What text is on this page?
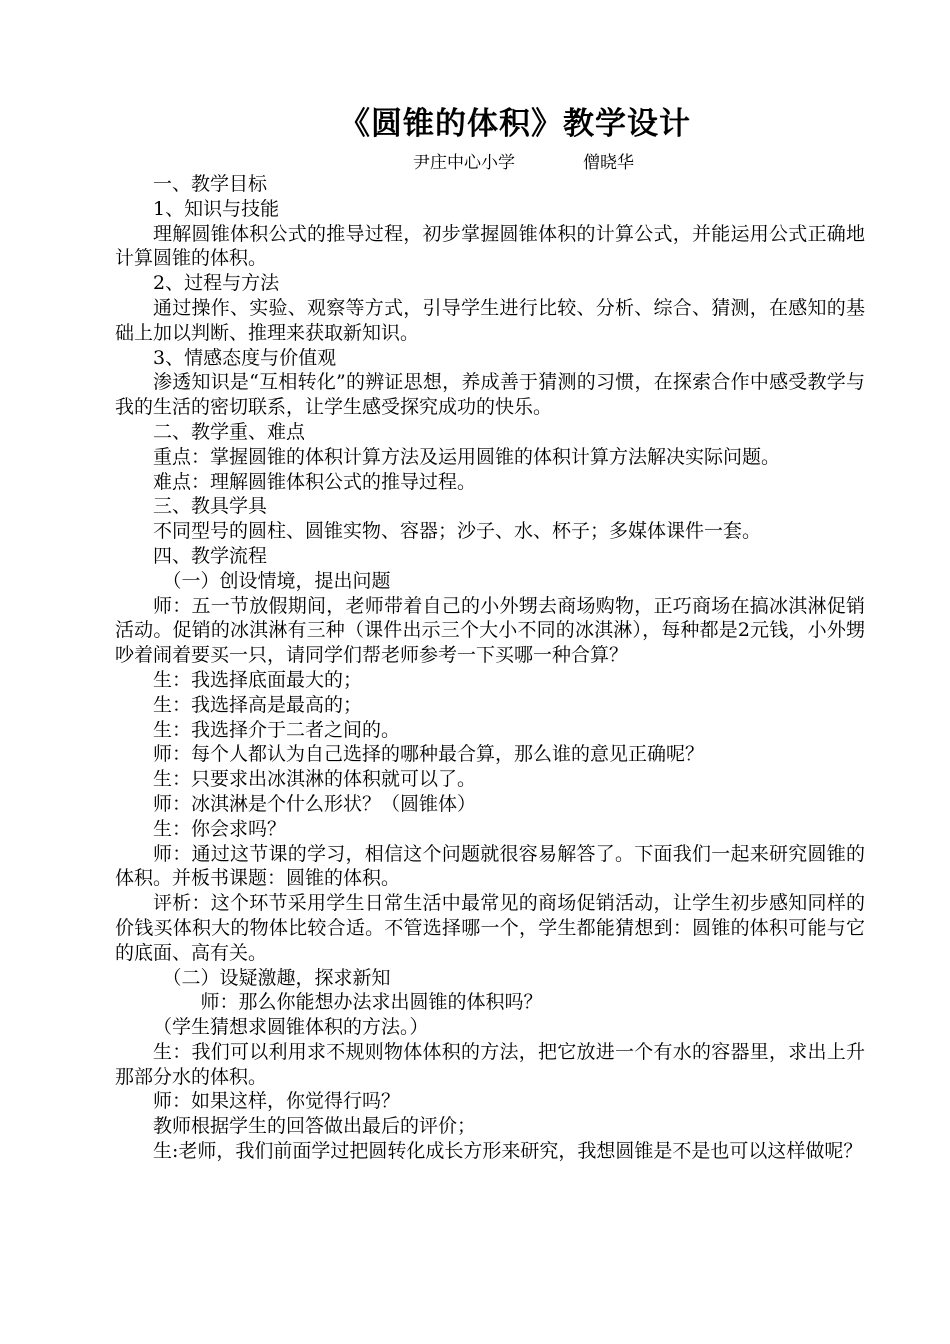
《圆锥的体积》教学设计
尹庄中心小学	僧晓华

一、教学目标

1、知识与技能

理解圆锥体积公式的推导过程，初步掌握圆锥体积的计算公式，并能运用公式正确地计算圆锥的体积。

2、过程与方法

通过操作、实验、观察等方式，引导学生进行比较、分析、综合、猜测，在感知的基础上加以判断、推理来获取新知识。

3、情感态度与价值观

渗透知识是“互相转化”的辨证思想，养成善于猜测的习惯，在探索合作中感受教学与我的生活的密切联系，让学生感受探究成功的快乐。

二、教学重、难点

重点：掌握圆锥的体积计算方法及运用圆锥的体积计算方法解决实际问题。

难点：理解圆锥体积公式的推导过程。

三、教具学具

不同型号的圆柱、圆锥实物、容器；沙子、水、杯子；多媒体课件一套。

四、教学流程

（一）创设情境，提出问题

师：五一节放假期间，老师带着自己的小外甥去商场购物，正巧商场在搞冰淇淋促销活动。促销的冰淇淋有三种（课件出示三个大小不同的冰淇淋），每种都是2元钱，小外甥吵着闹着要买一只，请同学们帮老师参考一下买哪一种合算？

生：我选择底面最大的；

生：我选择高是最高的；

生：我选择介于二者之间的。

师：每个人都认为自己选择的哪种最合算，那么谁的意见正确呢？

生：只要求出冰淇淋的体积就可以了。

师：冰淇淋是个什么形状？（圆锥体）

生：你会求吗？

师：通过这节课的学习，相信这个问题就很容易解答了。下面我们一起来研究圆锥的体积。并板书课题：圆锥的体积。

评析：这个环节采用学生日常生活中最常见的商场促销活动，让学生初步感知同样的价钱买体积大的物体比较合适。不管选择哪一个，学生都能猜想到：圆锥的体积可能与它的底面、高有关。

（二）设疑激趣，探求新知

师：那么你能想办法求出圆锥的体积吗？

（学生猜想求圆锥体积的方法。）

生：我们可以利用求不规则物体体积的方法，把它放进一个有水的容器里，求出上升那部分水的体积。

师：如果这样，你觉得行吗？

教师根据学生的回答做出最后的评价；

生:老师，我们前面学过把圆转化成长方形来研究，我想圆锥是不是也可以这样做呢？
